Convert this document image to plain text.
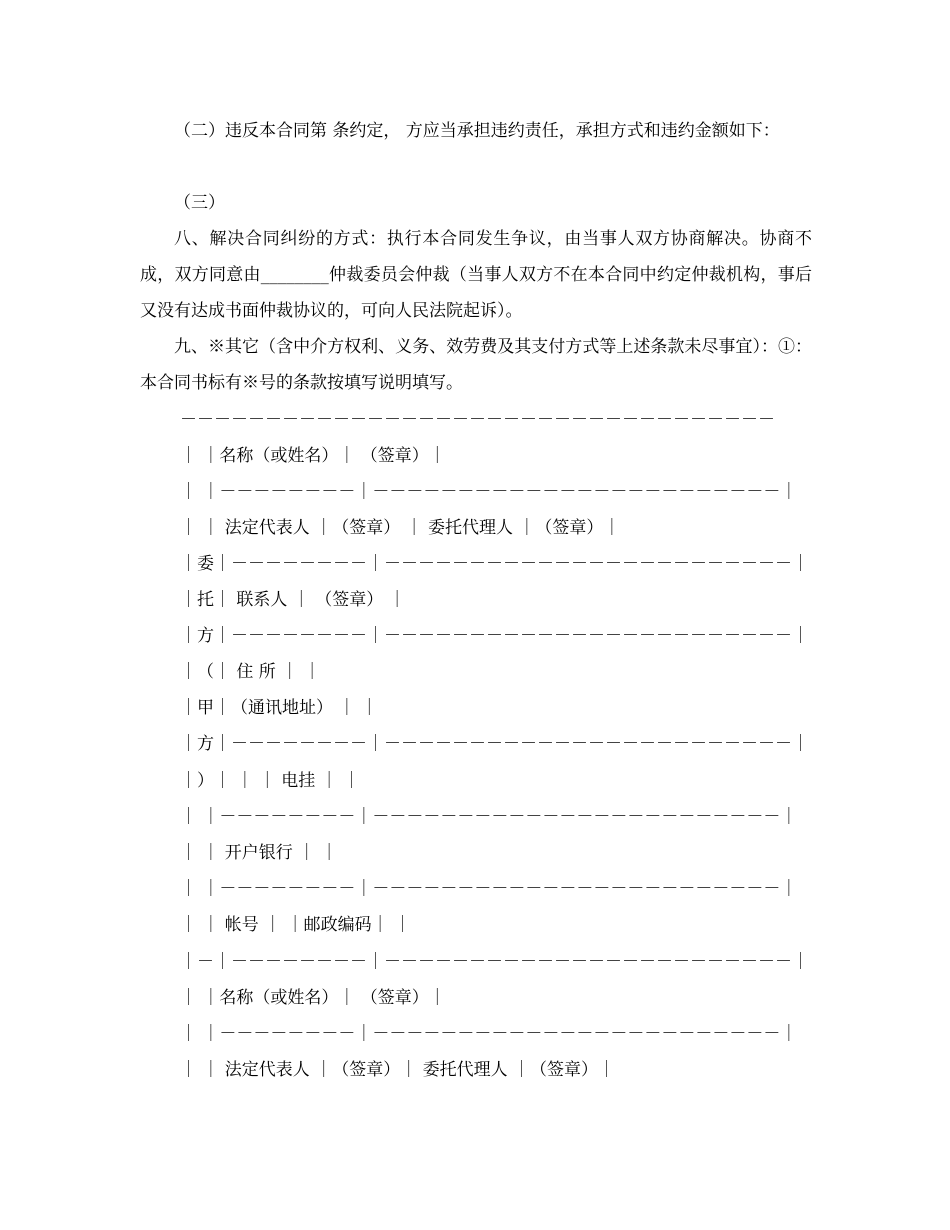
（二）违反本合同第 条约定， 方应当承担违约责任，承担方式和违约金额如下：

（三）

八、解决合同纠纷的方式：执行本合同发生争议，由当事人双方协商解决。协商不成，双方同意由________仲裁委员会仲裁（当事人双方不在本合同中约定仲裁机构，事后又没有达成书面仲裁协议的，可向人民法院起诉）。

九、※其它（含中介方权利、义务、效劳费及其支付方式等上述条款未尽事宜）：①：本合同书标有※号的条款按填写说明填写。

－－－－－－－－－－－－－－－－－－－－－－－－－－－－－－－－－－－
｜ ｜名称（或姓名）｜ （签章）｜
｜ ｜－－－－－－－－｜－－－－－－－－－－－－－－－－－－－－－－－－｜
｜ ｜ 法定代表人 ｜（签章） ｜ 委托代理人 ｜（签章）｜
｜委｜－－－－－－－－｜－－－－－－－－－－－－－－－－－－－－－－－－｜
｜托｜ 联系人 ｜ （签章） ｜
｜方｜－－－－－－－－｜－－－－－－－－－－－－－－－－－－－－－－－－｜
｜（｜ 住 所 ｜ ｜
｜甲｜（通讯地址） ｜ ｜
｜方｜－－－－－－－－｜－－－－－－－－－－－－－－－－－－－－－－－－｜
｜）｜ ｜ ｜ 电挂 ｜ ｜
｜ ｜－－－－－－－－｜－－－－－－－－－－－－－－－－－－－－－－－－｜
｜ ｜ 开户银行 ｜ ｜
｜ ｜－－－－－－－－｜－－－－－－－－－－－－－－－－－－－－－－－－｜
｜ ｜ 帐号 ｜ ｜邮政编码｜ ｜
｜－｜－－－－－－－－｜－－－－－－－－－－－－－－－－－－－－－－－－｜
｜ ｜名称（或姓名）｜ （签章）｜
｜ ｜－－－－－－－－｜－－－－－－－－－－－－－－－－－－－－－－－－｜
｜ ｜ 法定代表人 ｜（签章）｜ 委托代理人 ｜（签章）｜
